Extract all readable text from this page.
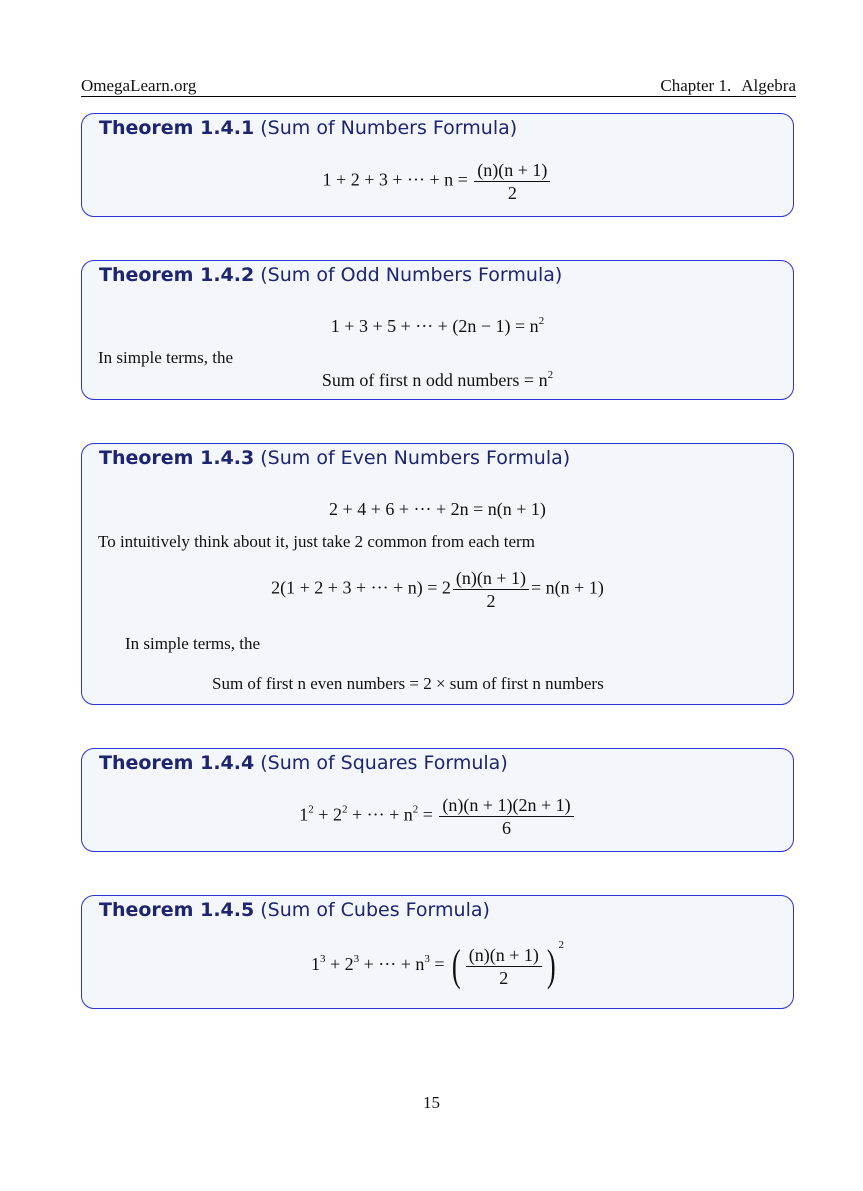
OmegaLearn.org	Chapter 1. Algebra
Theorem 1.4.1 (Sum of Numbers Formula)
1 + 2 + 3 + ··· + $n = \frac{(n)(n + 1)}{2}$
Theorem 1.4.2 (Sum of Odd Numbers Formula)
1 + 3 + 5 + ··· + $(2n - 1) = n^2$
In simple terms, the
Sum of first n odd numbers = $n^2$
Theorem 1.4.3 (Sum of Even Numbers Formula)
2 + 4 + 6 + ··· + 2n = n(n + 1)
To intuitively think about it, just take 2 common from each term
2(1 + 2 + 3 + ··· + $n) = 2 \frac{(n)(n + 1)}{2} = n(n + 1)$
In simple terms, the
Sum of first n even numbers = 2 × sum of first n numbers
Theorem 1.4.4 (Sum of Squares Formula)
$1^2 + 2^2$ + ··· + $n^2 = \frac{(n)(n + 1)(2n + 1)}{6}$
Theorem 1.4.5 (Sum of Cubes Formula)
$1^3 + 2^3$ + ··· + $n^3$ = ( $\frac{(n)(n + 1)}{2}$ ) $^2$
15
